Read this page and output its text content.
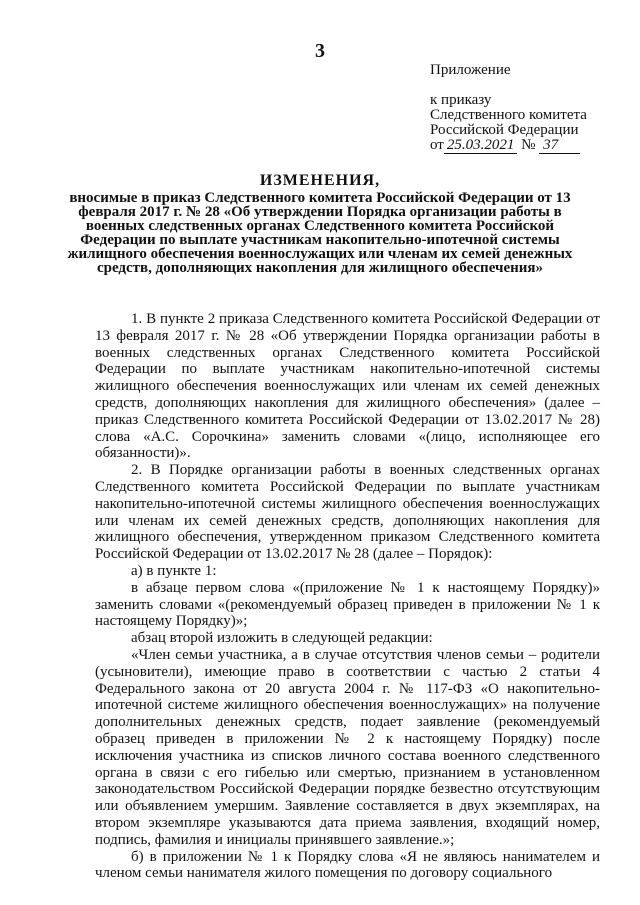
3
Приложение
к приказу
Следственного комитета
Российской Федерации
от 25.03.2021 № 37
ИЗМЕНЕНИЯ,
вносимые в приказ Следственного комитета Российской Федерации от 13 февраля 2017 г. № 28 «Об утверждении Порядка организации работы в военных следственных органах Следственного комитета Российской Федерации по выплате участникам накопительно-ипотечной системы жилищного обеспечения военнослужащих или членам их семей денежных средств, дополняющих накопления для жилищного обеспечения»

1. В пункте 2 приказа Следственного комитета Российской Федерации от 13 февраля 2017 г. № 28 «Об утверждении Порядка организации работы в военных следственных органах Следственного комитета Российской Федерации по выплате участникам накопительно-ипотечной системы жилищного обеспечения военнослужащих или членам их семей денежных средств, дополняющих накопления для жилищного обеспечения» (далее – приказ Следственного комитета Российской Федерации от 13.02.2017 № 28) слова «А.С. Сорочкина» заменить словами «(лицо, исполняющее его обязанности)».

2. В Порядке организации работы в военных следственных органах Следственного комитета Российской Федерации по выплате участникам накопительно-ипотечной системы жилищного обеспечения военнослужащих или членам их семей денежных средств, дополняющих накопления для жилищного обеспечения, утвержденном приказом Следственного комитета Российской Федерации от 13.02.2017 № 28 (далее – Порядок):

а) в пункте 1:

в абзаце первом слова «(приложение № 1 к настоящему Порядку)» заменить словами «(рекомендуемый образец приведен в приложении № 1 к настоящему Порядку)»;

абзац второй изложить в следующей редакции:

«Член семьи участника, а в случае отсутствия членов семьи – родители (усыновители), имеющие право в соответствии с частью 2 статьи 4 Федерального закона от 20 августа 2004 г. № 117-ФЗ «О накопительно-ипотечной системе жилищного обеспечения военнослужащих» на получение дополнительных денежных средств, подает заявление (рекомендуемый образец приведен в приложении № 2 к настоящему Порядку) после исключения участника из списков личного состава военного следственного органа в связи с его гибелью или смертью, признанием в установленном законодательством Российской Федерации порядке безвестно отсутствующим или объявлением умершим. Заявление составляется в двух экземплярах, на втором экземпляре указываются дата приема заявления, входящий номер, подпись, фамилия и инициалы принявшего заявление.»;

б) в приложении № 1 к Порядку слова «Я не являюсь нанимателем и членом семьи нанимателя жилого помещения по договору социального
